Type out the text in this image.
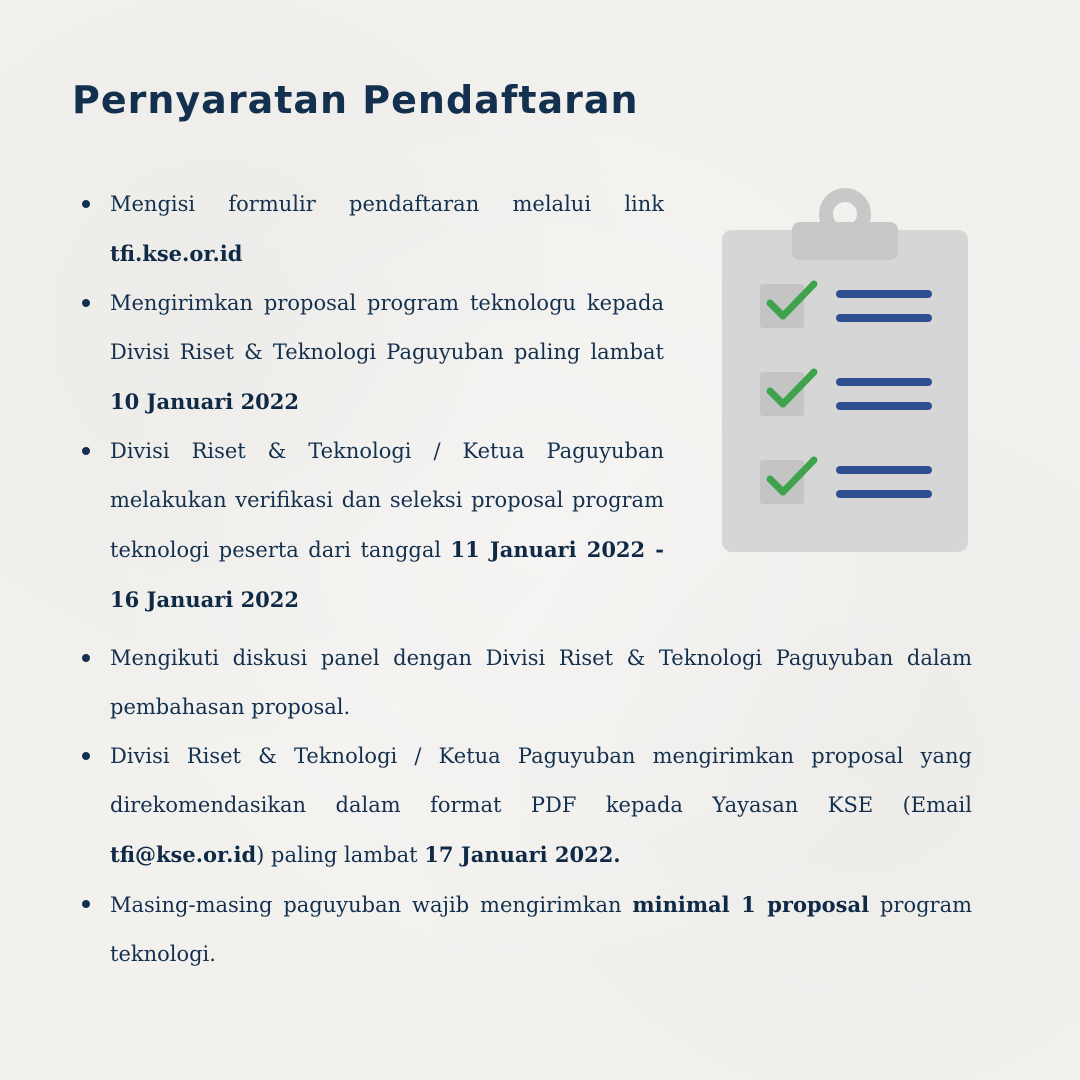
Pernyaratan Pendaftaran
Mengisi formulir pendaftaran melalui link tfi.kse.or.id
Mengirimkan proposal program teknologu kepada Divisi Riset & Teknologi Paguyuban paling lambat 10 Januari 2022
Divisi Riset & Teknologi / Ketua Paguyuban melakukan verifikasi dan seleksi proposal program teknologi peserta dari tanggal 11 Januari 2022 - 16 Januari 2022
Mengikuti diskusi panel dengan Divisi Riset & Teknologi Paguyuban dalam pembahasan proposal.
Divisi Riset & Teknologi / Ketua Paguyuban mengirimkan proposal yang direkomendasikan dalam format PDF kepada Yayasan KSE (Email tfi@kse.or.id) paling lambat 17 Januari 2022.
Masing-masing paguyuban wajib mengirimkan minimal 1 proposal program teknologi.
